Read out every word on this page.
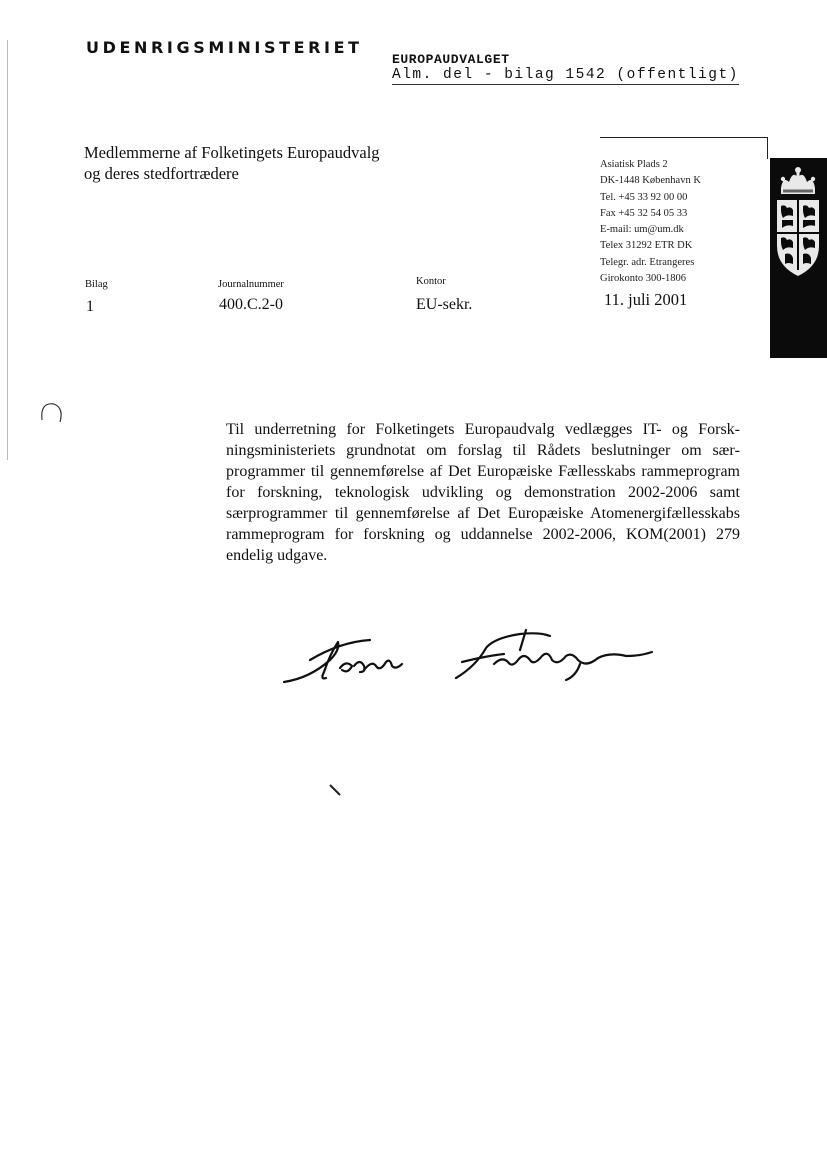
UDENRIGSMINISTERIET
EUROPAUDVALGET
Alm. del - bilag 1542 (offentligt)
Medlemmerne af Folketingets Europaudvalg
og deres stedfortrædere	Asiatisk Plads 2
DK-1448 København K
Tel. +45 33 92 00 00
Fax +45 32 54 05 33
E-mail: um@um.dk
Telex 31292 ETR DK
Telegr. adr. Etrangeres
Girokonto 300-1806
Bilag
1
Journalnummer
400.C.2-0
Kontor
EU-sekr.	11. juli 2001
Til underretning for Folketingets Europaudvalg vedlægges IT- og Forskningsministeriets grundnotat om forslag til Rådets beslutninger om særprogrammer til gennemførelse af Det Europæiske Fællesskabs rammeprogram for forskning, teknologisk udvikling og demonstration 2002-2006 samt særprogrammer til gennemførelse af Det Europæiske Atomenergifællesskabs rammeprogram for forskning og uddannelse 2002-2006, KOM(2001) 279 endelig udgave.
